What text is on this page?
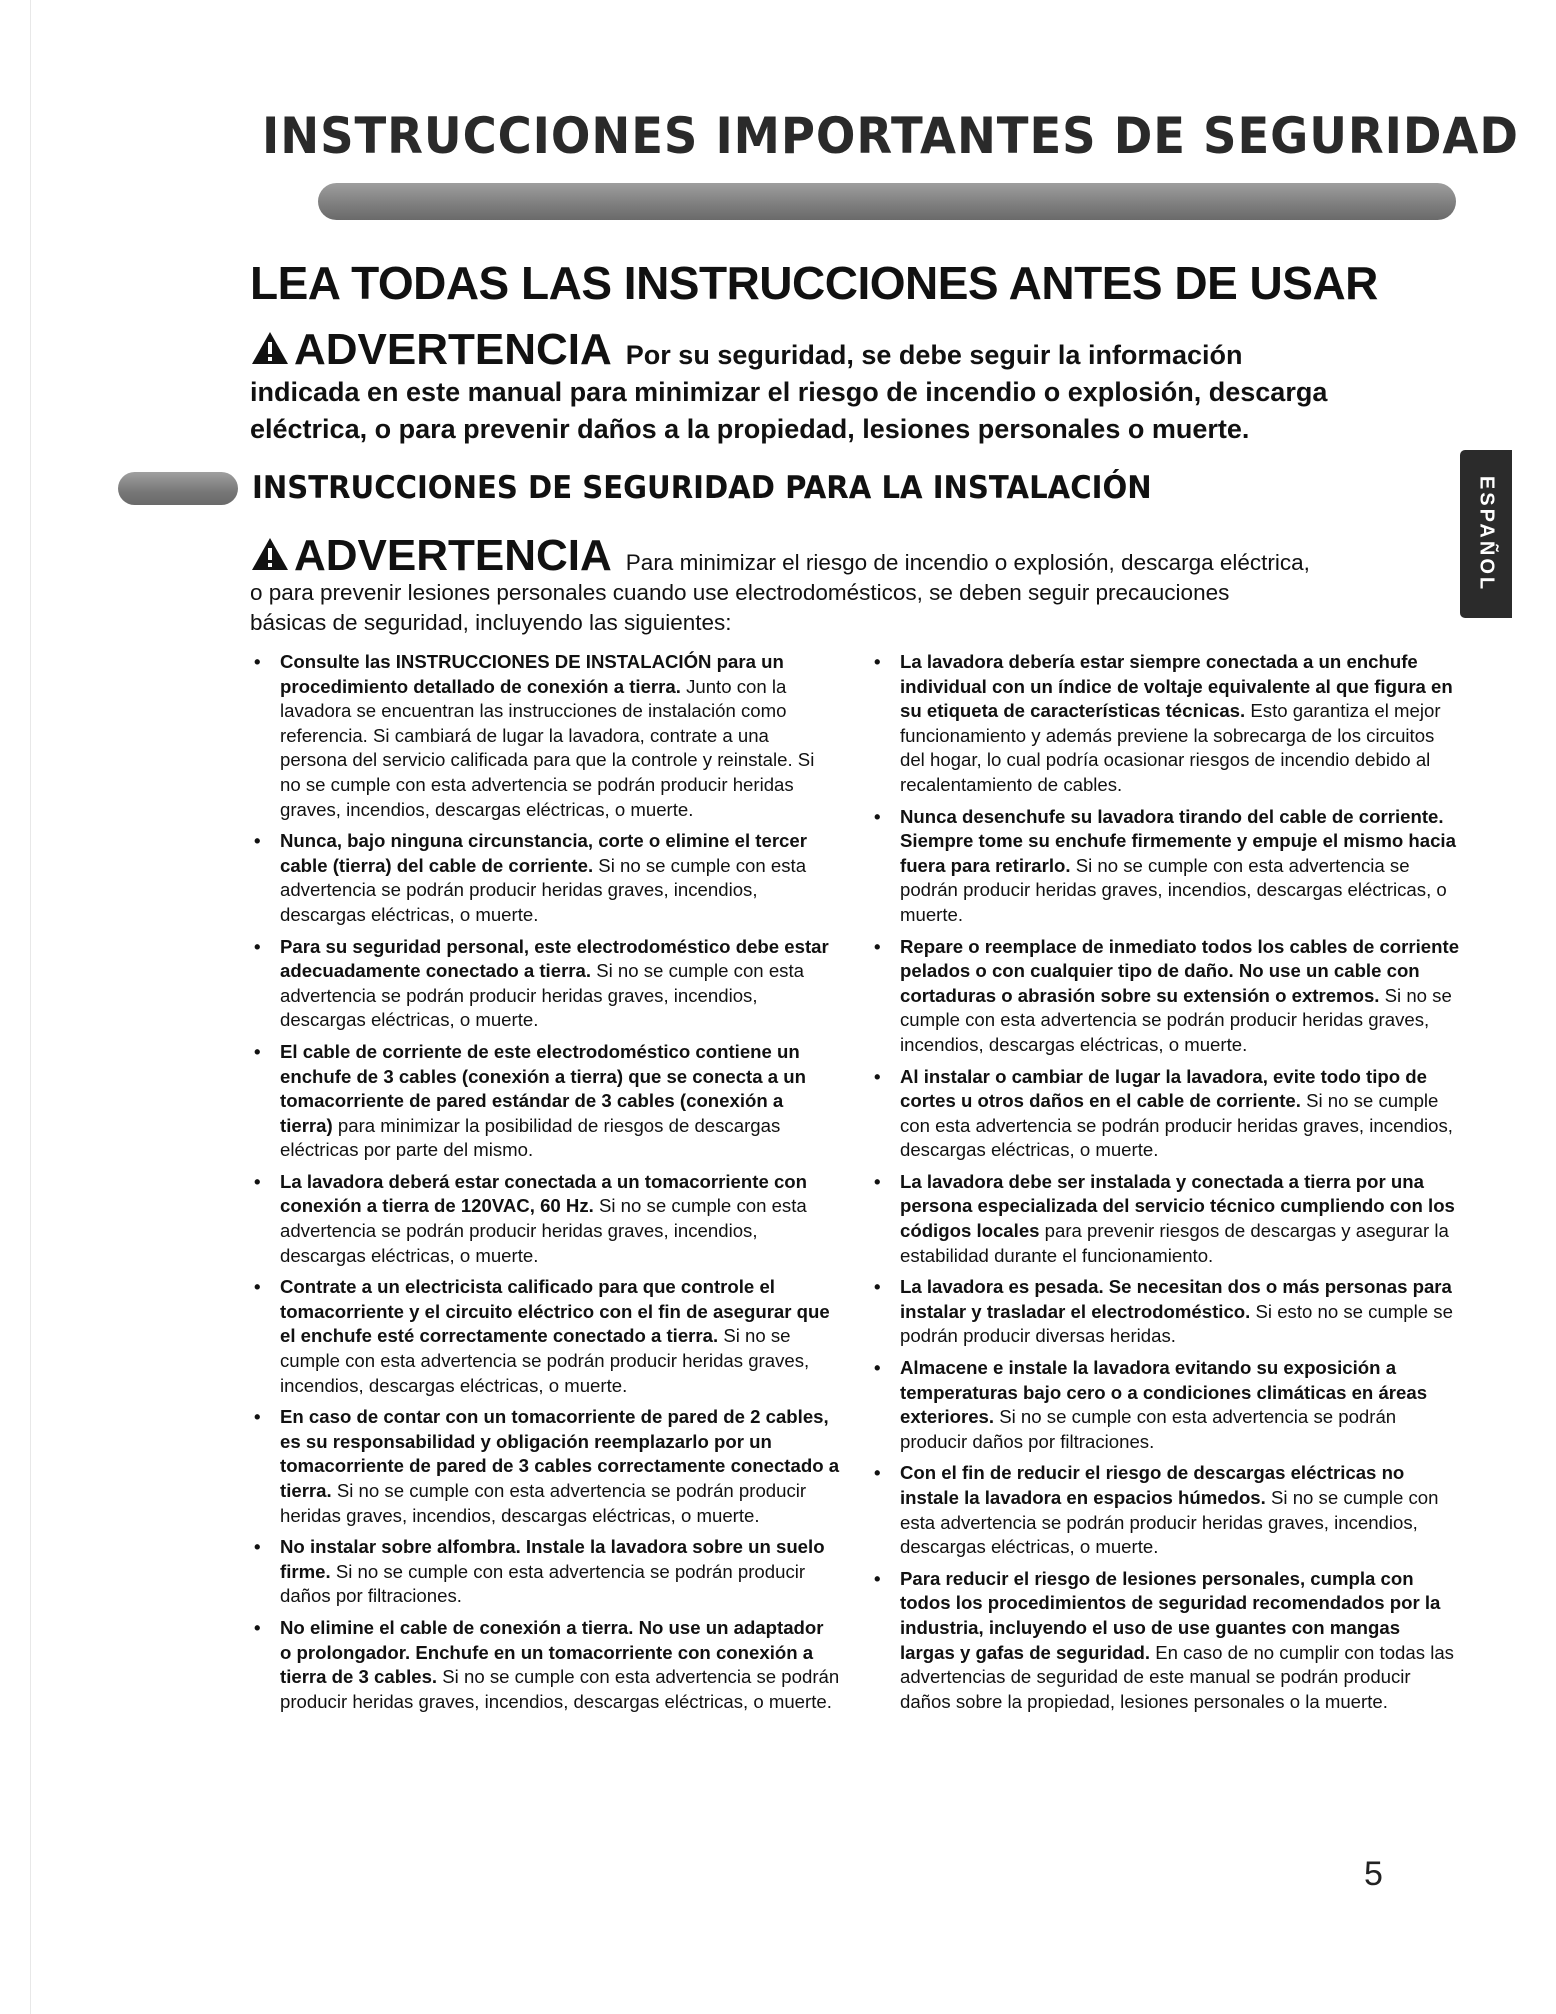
INSTRUCCIONES IMPORTANTES DE SEGURIDAD
LEA TODAS LAS INSTRUCCIONES ANTES DE USAR
ADVERTENCIA Por su seguridad, se debe seguir la información
indicada en este manual para minimizar el riesgo de incendio o explosión, descarga
eléctrica, o para prevenir daños a la propiedad, lesiones personales o muerte.
INSTRUCCIONES DE SEGURIDAD PARA LA INSTALACIÓN
ADVERTENCIA Para minimizar el riesgo de incendio o explosión, descarga eléctrica,
o para prevenir lesiones personales cuando use electrodomésticos, se deben seguir precauciones
básicas de seguridad, incluyendo las siguientes:
• Consulte las INSTRUCCIONES DE INSTALACIÓN para un procedimiento detallado de conexión a tierra. Junto con la lavadora se encuentran las instrucciones de instalación como referencia. Si cambiará de lugar la lavadora, contrate a una persona del servicio calificada para que la controle y reinstale. Si no se cumple con esta advertencia se podrán producir heridas graves, incendios, descargas eléctricas, o muerte.
• Nunca, bajo ninguna circunstancia, corte o elimine el tercer cable (tierra) del cable de corriente. Si no se cumple con esta advertencia se podrán producir heridas graves, incendios, descargas eléctricas, o muerte.
• Para su seguridad personal, este electrodoméstico debe estar adecuadamente conectado a tierra. Si no se cumple con esta advertencia se podrán producir heridas graves, incendios, descargas eléctricas, o muerte.
• El cable de corriente de este electrodoméstico contiene un enchufe de 3 cables (conexión a tierra) que se conecta a un tomacorriente de pared estándar de 3 cables (conexión a tierra) para minimizar la posibilidad de riesgos de descargas eléctricas por parte del mismo.
• La lavadora deberá estar conectada a un tomacorriente con conexión a tierra de 120VAC, 60 Hz. Si no se cumple con esta advertencia se podrán producir heridas graves, incendios, descargas eléctricas, o muerte.
• Contrate a un electricista calificado para que controle el tomacorriente y el circuito eléctrico con el fin de asegurar que el enchufe esté correctamente conectado a tierra. Si no se cumple con esta advertencia se podrán producir heridas graves, incendios, descargas eléctricas, o muerte.
• En caso de contar con un tomacorriente de pared de 2 cables, es su responsabilidad y obligación reemplazarlo por un tomacorriente de pared de 3 cables correctamente conectado a tierra. Si no se cumple con esta advertencia se podrán producir heridas graves, incendios, descargas eléctricas, o muerte.
• No instalar sobre alfombra. Instale la lavadora sobre un suelo firme. Si no se cumple con esta advertencia se podrán producir daños por filtraciones.
• No elimine el cable de conexión a tierra. No use un adaptador o prolongador. Enchufe en un tomacorriente con conexión a tierra de 3 cables. Si no se cumple con esta advertencia se podrán producir heridas graves, incendios, descargas eléctricas, o muerte.
• La lavadora debería estar siempre conectada a un enchufe individual con un índice de voltaje equivalente al que figura en su etiqueta de características técnicas. Esto garantiza el mejor funcionamiento y además previene la sobrecarga de los circuitos del hogar, lo cual podría ocasionar riesgos de incendio debido al recalentamiento de cables.
• Nunca desenchufe su lavadora tirando del cable de corriente. Siempre tome su enchufe firmemente y empuje el mismo hacia fuera para retirarlo. Si no se cumple con esta advertencia se podrán producir heridas graves, incendios, descargas eléctricas, o muerte.
• Repare o reemplace de inmediato todos los cables de corriente pelados o con cualquier tipo de daño. No use un cable con cortaduras o abrasión sobre su extensión o extremos. Si no se cumple con esta advertencia se podrán producir heridas graves, incendios, descargas eléctricas, o muerte.
• Al instalar o cambiar de lugar la lavadora, evite todo tipo de cortes u otros daños en el cable de corriente. Si no se cumple con esta advertencia se podrán producir heridas graves, incendios, descargas eléctricas, o muerte.
• La lavadora debe ser instalada y conectada a tierra por una persona especializada del servicio técnico cumpliendo con los códigos locales para prevenir riesgos de descargas y asegurar la estabilidad durante el funcionamiento.
• La lavadora es pesada. Se necesitan dos o más personas para instalar y trasladar el electrodoméstico. Si esto no se cumple se podrán producir diversas heridas.
• Almacene e instale la lavadora evitando su exposición a temperaturas bajo cero o a condiciones climáticas en áreas exteriores. Si no se cumple con esta advertencia se podrán producir daños por filtraciones.
• Con el fin de reducir el riesgo de descargas eléctricas no instale la lavadora en espacios húmedos. Si no se cumple con esta advertencia se podrán producir heridas graves, incendios, descargas eléctricas, o muerte.
• Para reducir el riesgo de lesiones personales, cumpla con todos los procedimientos de seguridad recomendados por la industria, incluyendo el uso de use guantes con mangas largas y gafas de seguridad. En caso de no cumplir con todas las advertencias de seguridad de este manual se podrán producir daños sobre la propiedad, lesiones personales o la muerte.
ESPAÑOL
5
